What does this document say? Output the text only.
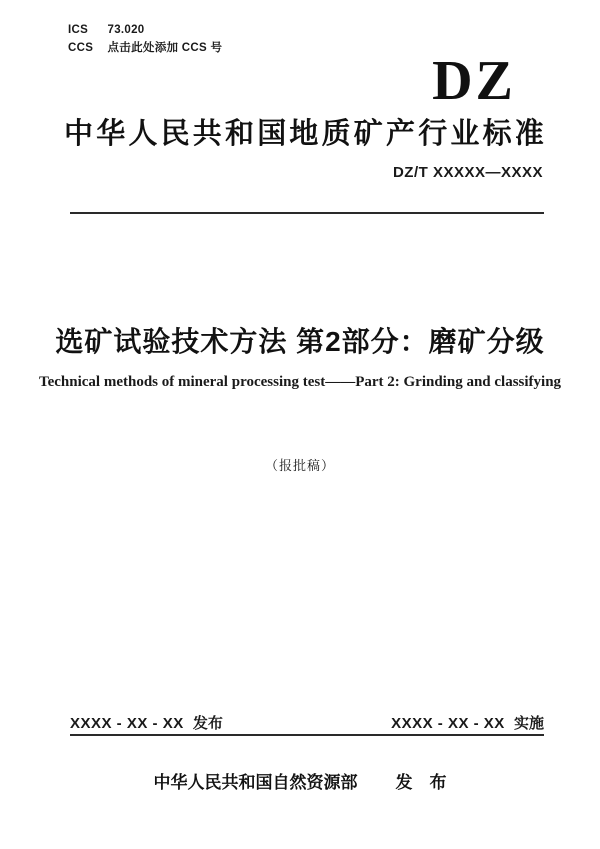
ICS 73.020
CCS 点击此处添加 CCS 号
DZ
中华人民共和国地质矿产行业标准
DZ/T XXXXX—XXXX
选矿试验技术方法 第2部分：磨矿分级
Technical methods of mineral processing test——Part 2: Grinding and classifying
（报批稿）
XXXX - XX - XX 发布	XXXX - XX - XX 实施
中华人民共和国自然资源部 发　布
